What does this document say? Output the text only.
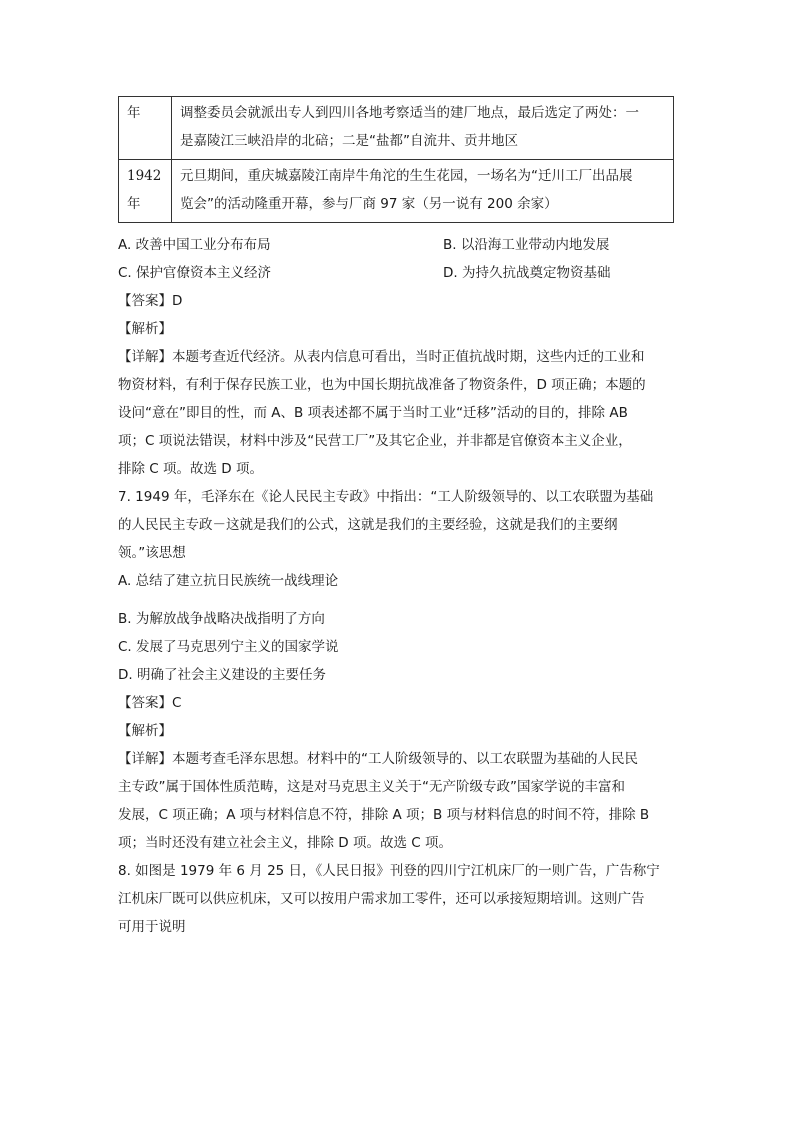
年	调整委员会就派出专人到四川各地考察适当的建厂地点，最后选定了两处：一
是嘉陵江三峡沿岸的北碚；二是“盐都”自流井、贡井地区

1942 年	元旦期间，重庆城嘉陵江南岸牛角沱的生生花园，一场名为“迁川工厂出品展
览会”的活动隆重开幕，参与厂商 97 家（另一说有 200 余家）
A. 改善中国工业分布布局	B. 以沿海工业带动内地发展
C. 保护官僚资本主义经济	D. 为持久抗战奠定物资基础

【答案】D

【解析】

【详解】本题考查近代经济。从表内信息可看出，当时正值抗战时期，这些内迁的工业和

物资材料，有利于保存民族工业，也为中国长期抗战准备了物资条件，D 项正确；本题的

设问“意在”即目的性，而 A、B 项表述都不属于当时工业“迁移”活动的目的，排除 AB

项；C 项说法错误，材料中涉及“民营工厂”及其它企业，并非都是官僚资本主义企业，

排除 C 项。故选 D 项。

7. 1949 年，毛泽东在《论人民民主专政》中指出：“工人阶级领导的、以工农联盟为基础

的人民民主专政－这就是我们的公式，这就是我们的主要经验，这就是我们的主要纲

领。”该思想

A. 总结了建立抗日民族统一战线理论

B. 为解放战争战略决战指明了方向

C. 发展了马克思列宁主义的国家学说

D. 明确了社会主义建设的主要任务

【答案】C

【解析】

【详解】本题考查毛泽东思想。材料中的“工人阶级领导的、以工农联盟为基础的人民民

主专政”属于国体性质范畴，这是对马克思主义关于“无产阶级专政”国家学说的丰富和

发展，C 项正确；A 项与材料信息不符，排除 A 项；B 项与材料信息的时间不符，排除 B

项；当时还没有建立社会主义，排除 D 项。故选 C 项。

8. 如图是 1979 年 6 月 25 日，《人民日报》刊登的四川宁江机床厂的一则广告，广告称宁

江机床厂既可以供应机床，又可以按用户需求加工零件，还可以承接短期培训。这则广告

可用于说明
